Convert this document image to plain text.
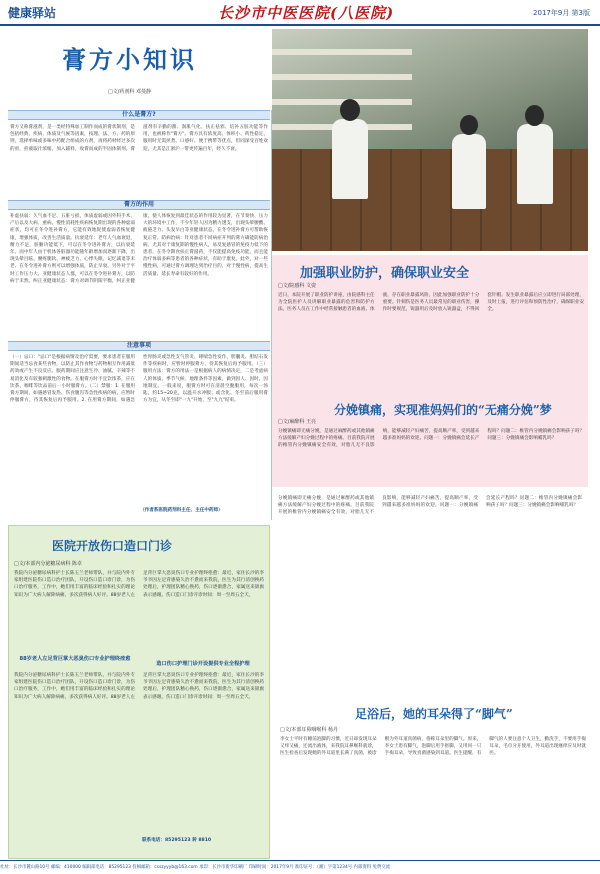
健康驿站	长沙市中医医院(八医院)	2017年9月 第3版
膏方小知识
□文/药剂科 邓曼静
什么是膏方?
膏方又称膏滋剂，是一类经特殊加工制作而成的膏状制剂，是包括经典、疾病、体质及气候等因素，按理、法、方、药的原则，选择单味或多味中药配合组成的方剂，再将药材经过多次的煎，煎液取汁浓缩，加入辅料，收膏而成的半固体制剂。膏滋剂有辛勤的甜、润肌气化、扶正祛邪、培补五脏功能等作用，也被称作"膏方"。膏方具有浓度高、体积小、药性稳定、服用时无需煎煮、口感好、便于携带等优点，但同深受百姓欢迎，尤其是江浙沪一带更传遍百年，经久不衰。
膏方的作用
补虚扶弱：久气血不足、五脏亏损、体质虚弱或因外科手术、产后以及大病、重病、慢性消耗性疾病恢复期出现的各种虚弱症状，均可在冬令进补膏方，它能有效地促使虚弱者恢复健康，增强体质，改善生活质量。抗衰延年：老年人气血衰退，精力不足，脏腑功能低下，可以在冬令进补膏方，以抗衰延年。而中年人由于机体各脏器功能随年龄增加而逐渐下降，出现头晕目眩、腰疼腿软、神疲乏力、心悸失眠、记忆减退等未老、在冬令进补膏方则可以增强体质，防止早衰。另外对于平时工作压力大、亚健康状态人群，可以在冬令进补膏方，以防病于未然。纠正亚健康状态：膏方对调节阴阳平衡，纠正亚健康，使人体恢复到最佳状态的作用较为显著，在节奏快、压力大的环境中工作，不少年轻人因为精力透支，出现头晕腰酸、疲倦乏力、头发早白等亚健康状态，在冬令进补膏方可帮助恢复正常。防病治病：针对患者不同病症开列的膏方确能防病治病，尤其对于康复期的慢性病人，易反复感冒的免疫力低下的患者，在冬令期食扶正膏滋药，不仅能提高免疫功能，而且能治疗体弱多病等患者的各种症状，有助于康复。此外，对一些慢性病，可通过膏方调理达到治疗目的，对于慢性病，提高生活质量、延长寿命有较好的作用。
注意事项
（一）忌口："忌口"是根据病情及治疗需要，要求患者在服用期间适当忌食某些食物，以防止其作食物与药物相互作用减低药效或产生不良反应。服药期间应注意生冷、油腻、辛辣等不易消化及有较强刺激性的食物。在服膏方时不宜饮浓茶，应在饮茶、咖啡等饮品前后一小时服膏方。（二）禁服：1. 在服用膏方期间，如遇感冒发热、伤食腹泻等急性疾病的病，应暂时停服膏方，待其恢复后再予服用。2. 在用膏方期间，如遇急性胃肠炎或急性支气管炎、哮喘急性发作、胆囊炎、胆结石发作等疾病时，应暂时停服膏方，待其恢复后再予服用。（三）服用方法：膏方的用法一是根据病人的病情决定，二是考虑病人的体质、季节气候、地理条件等因素，做到因人、因时、因地制宜。一般来说，服膏方时可在清晨空腹服用，每次一汤匙，约15~20克，以温开水冲服；或含化。冬至前后服用膏方为宜，从冬至即"一九"开始，至"九九"结束。
（作者系医院药剂科主任、主任中药师）
加强职业防护，确保职业安全
□文/院感科 文姿
近日，本院开展了职业防护讲座，由院感科主任为全院医护人员讲解职业暴露的危害和防护方法。医务人员在工作中经常接触患者的血液、体液，存在职业暴露风险，因此加强职业防护十分重要。针刺伤是医务人员最常见的职业伤害，操作时要规范，锐器用后及时放入锐器盒，不得回套针帽。发生职业暴露后应立即进行局部处理，及时上报，进行评估和预防性治疗，确保职业安全。
分娩镇痛，实现准妈妈们的“无痛分娩”梦
□文/麻醉科 王亮
分娩镇痛即无痛分娩，是通过麻醉药或其他镇痛方法缓解产妇分娩过程中的疼痛。目前我院开展的椎管内分娩镇痛安全有效，对胎儿无不良影响，能够减轻产妇痛苦，提高顺产率，受到越来越多准妈妈的欢迎。问题一：分娩镇痛会延长产程吗？问题二：椎管内分娩镇痛会影响孩子吗？问题三：分娩镇痛会影响哺乳吗？
医院开放伤口造口门诊
□文/本部内分泌糖尿病科 陈卓
88岁老人左足背巨掌大恶臭伤口专业护理终痊愈
造口伤口护理门诊开设提供专业全程护理
我院内分泌糖尿病科护士长陈玉兰老师带队，并与院内外专家组建医院伤口造口治疗团队，开设伤口造口诊门诊，为伤口治疗服务，工作中，她们用丰富的临床经验和扎实的理论知识为广大病人解除病痛，多次获得病人好评。88岁老人左足背巨掌大恶臭伤口专业护理终痊愈：最近，家住长沙的李爷爷因左足背感染久治不愈而来我院，医生为其行清创换药处理后，护理团队精心换药，伤口逐渐愈合，家属送来锦旗表示感谢。伤口造口门诊开诊时间：周一至周五全天。
我院内分泌糖尿病科护士长陈玉兰老师带队，并与院内外专家组建医院伤口造口治疗团队，开设伤口造口诊门诊，为伤口治疗服务，工作中，她们用丰富的临床经验和扎实的理论知识为广大病人解除病痛，多次获得病人好评。88岁老人左足背巨掌大恶臭伤口专业护理终痊愈：最近，家住长沙的李爷爷因左足背感染久治不愈而来我院，医生为其行清创换药处理后，护理团队精心换药，伤口逐渐愈合，家属送来锦旗表示感谢。伤口造口门诊开诊时间：周一至周五全天。
联系电话：85295123 转 8810
足浴后，她的耳朵得了“脚气”
□文/本部耳鼻咽喉科 杨丹
李女士平时有睡前泡脚的习惯，近日却发现耳朵又痒又痛，还流出液体，来我院耳鼻喉科就诊，医生检查后发现她的外耳道里长满了真菌，被诊断为外耳道真菌病，俗称耳朵里的脚气。原来，李女士患有脚气，泡脚后用手抠脚，又用同一只手掏耳朵，导致真菌感染到耳道。医生提醒，有脚气的人要注意个人卫生，勤洗手，不要用手掏耳朵，毛巾分开使用，外耳道出现瘙痒应及时就医。
分娩镇痛即无痛分娩，是通过麻醉药或其他镇痛方法缓解产妇分娩过程中的疼痛。目前我院开展的椎管内分娩镇痛安全有效，对胎儿无不良影响，能够减轻产妇痛苦，提高顺产率，受到越来越多准妈妈的欢迎。问题一：分娩镇痛会延长产程吗？问题二：椎管内分娩镇痛会影响孩子吗？问题三：分娩镇痛会影响哺乳吗？
社址：长沙市麓山路10号 邮编：410000 编辑部电话：85295123 投稿邮箱：csszyyyb@163.com 承印：长沙市新华印刷厂 印刷时间：2017年9月 准印证号：（湘）字第1234号 内部资料 免费交流
